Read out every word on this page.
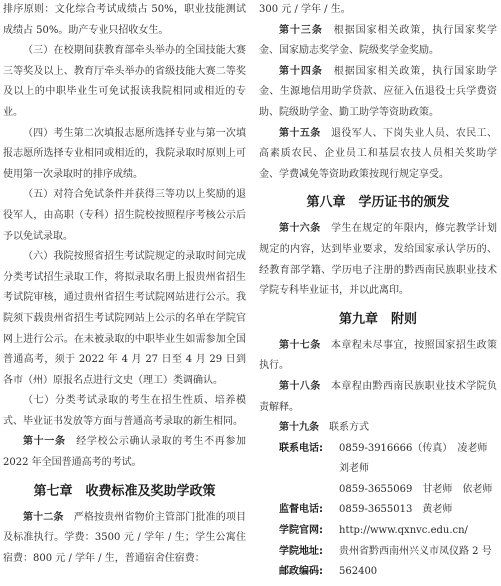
排序原则：文化综合考试成绩占 50%，职业技能测试成绩占 50%。助产专业只招收女生。

（三）在校期间获教育部牵头举办的全国技能大赛三等奖及以上、教育厅牵头举办的省级技能大赛二等奖及以上的中职毕业生可免试报读我院相同或相近的专业。

（四）考生第二次填报志愿所选择专业与第一次填报志愿所选择专业相同或相近的，我院录取时原则上可使用第一次录取时的排序成绩。

（五）对符合免试条件并获得三等功以上奖励的退役军人，由高职（专科）招生院校按照程序考核公示后予以免试录取。

（六）我院按照省招生考试院规定的录取时间完成分类考试招生录取工作，将拟录取名册上报贵州省招生考试院审核，通过贵州省招生考试院网站进行公示。我院须下载贵州省招生考试院网站上公示的名单在学院官网上进行公示。在未被录取的中职毕业生如需参加全国普通高考，须于 2022 年 4 月 27 日至 4 月 29 日到各市（州）原报名点进行文史（理工）类调确认。

（七）分类考试录取的考生在招生性质、培养模式、毕业证书发放等方面与普通高考录取的新生相同。

第十一条　 经学校公示确认录取的考生不再参加 2022 年全国普通高考的考试。

第七章　收费标准及奖助学政策

第十二条　 严格按贵州省物价主管部门批准的项目及标准执行。学费：3500 元 / 学年 / 生；学生公寓住宿费：800 元 / 学年 / 生，普通宿舍住宿费：

300 元 / 学年 / 生。

第十三条　 根据国家相关政策，执行国家奖学金、国家励志奖学金、院级奖学金奖励。

第十四条　 根据国家相关政策，执行国家助学金、生源地信用助学贷款、应征入伍退役士兵学费资助、院级助学金、勤工助学等资助政策。

第十五条　 退役军人、下岗失业人员、农民工、高素质农民、企业员工和基层农技人员相关奖助学金、学费减免等资助政策按现行规定享受。

第八章　学历证书的颁发

第十六条　 学生在规定的年限内，修完教学计划规定的内容，达到毕业要求，发给国家承认学历的、经教育部学籍、学历电子注册的黔西南民族职业技术学院专科毕业证书，并以此离印。

第九章　附则

第十七条　 本章程未尽事宜，按照国家招生政策执行。

第十八条　 本章程由黔西南民族职业技术学院负责解释。

第十九条　 联系方式

联系电话:	0859-3916666（传真）　凌老师
刘老师
0859-3655069　甘老师　依老师
监督电话:	0859-3655013　黄老师
学院官网:	http://www.qxnvc.edu.cn/
学院地址:	贵州省黔西南州兴义市凤仪路 2 号
邮政编码:	562400
